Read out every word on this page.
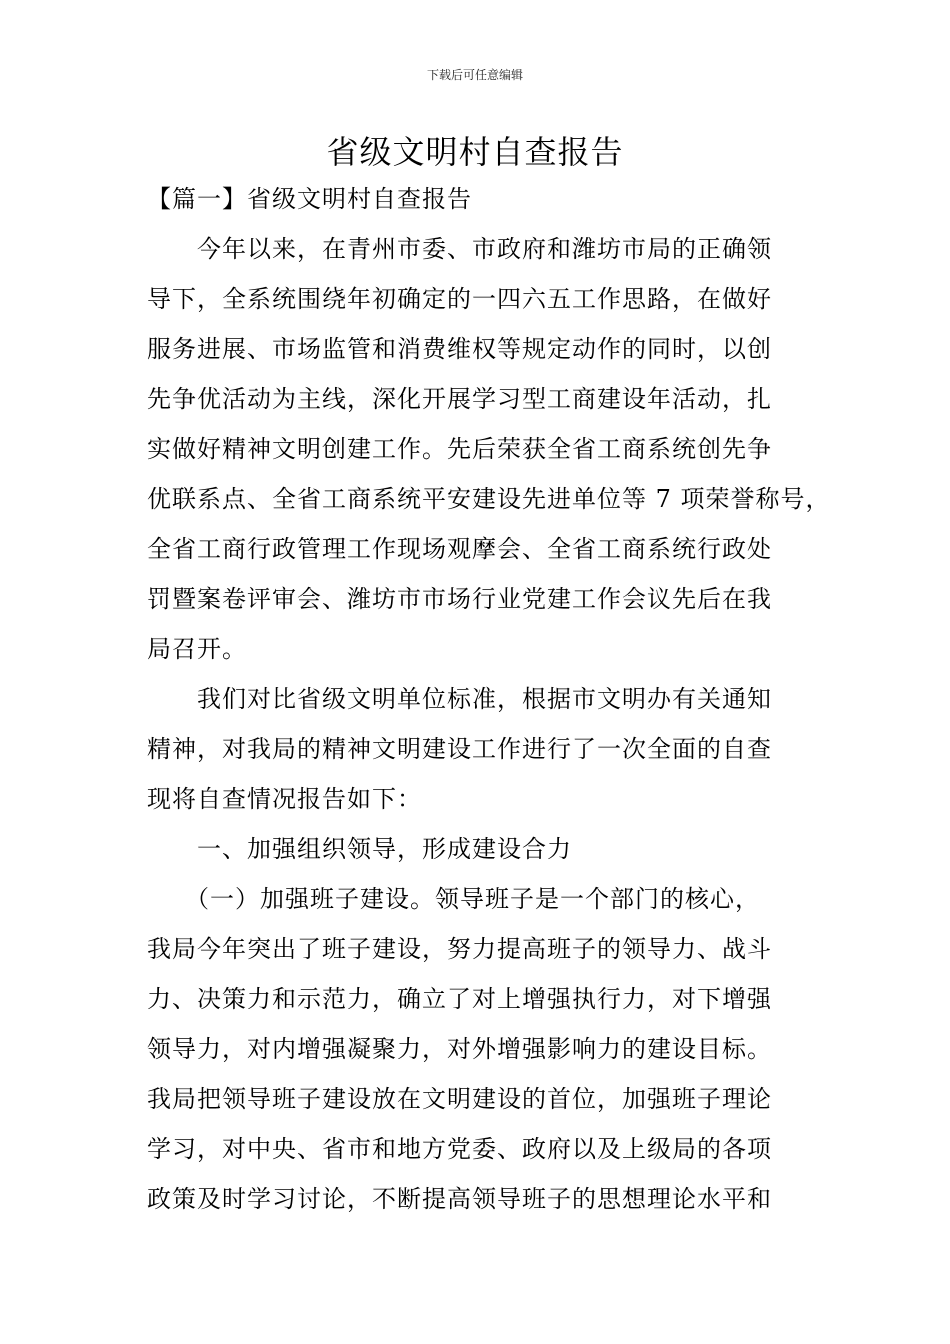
下载后可任意编辑
省级文明村自查报告
【篇一】省级文明村自查报告
今年以来，在青州市委、市政府和潍坊市局的正确领
导下，全系统围绕年初确定的一四六五工作思路，在做好
服务进展、市场监管和消费维权等规定动作的同时，以创
先争优活动为主线，深化开展学习型工商建设年活动，扎
实做好精神文明创建工作。先后荣获全省工商系统创先争
优联系点、全省工商系统平安建设先进单位等 7 项荣誉称号，
全省工商行政管理工作现场观摩会、全省工商系统行政处
罚暨案卷评审会、潍坊市市场行业党建工作会议先后在我
局召开。
我们对比省级文明单位标准，根据市文明办有关通知
精神，对我局的精神文明建设工作进行了一次全面的自查
现将自查情况报告如下：
一、加强组织领导，形成建设合力
（一）加强班子建设。领导班子是一个部门的核心，
我局今年突出了班子建设，努力提高班子的领导力、战斗
力、决策力和示范力，确立了对上增强执行力，对下增强
领导力，对内增强凝聚力，对外增强影响力的建设目标。
我局把领导班子建设放在文明建设的首位，加强班子理论
学习，对中央、省市和地方党委、政府以及上级局的各项
政策及时学习讨论，不断提高领导班子的思想理论水平和
